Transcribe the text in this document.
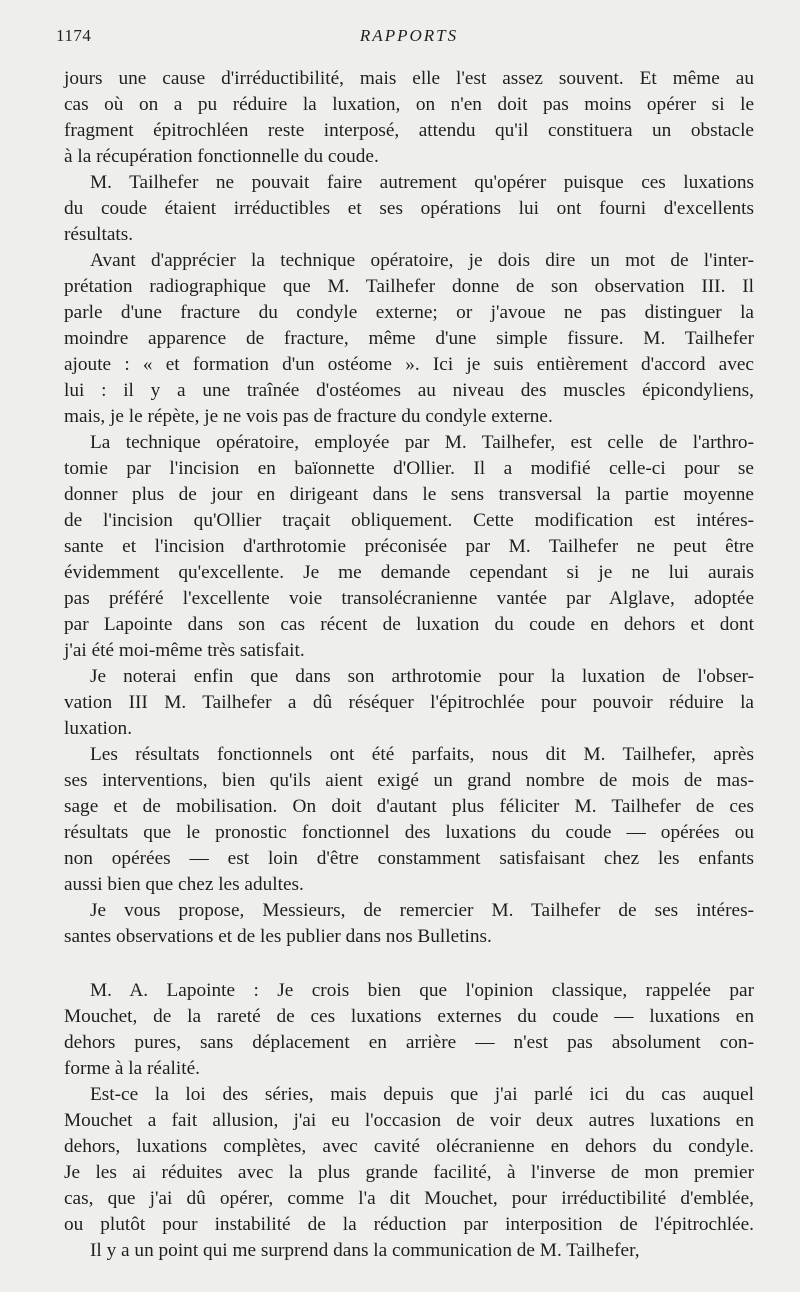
1174	RAPPORTS
jours une cause d'irréductibilité, mais elle l'est assez souvent. Et même au
cas où on a pu réduire la luxation, on n'en doit pas moins opérer si le
fragment épitrochléen reste interposé, attendu qu'il constituera un obstacle
à la récupération fonctionnelle du coude.
M. Tailhefer ne pouvait faire autrement qu'opérer puisque ces luxations
du coude étaient irréductibles et ses opérations lui ont fourni d'excellents
résultats.
Avant d'apprécier la technique opératoire, je dois dire un mot de l'inter-
prétation radiographique que M. Tailhefer donne de son observation III. Il
parle d'une fracture du condyle externe; or j'avoue ne pas distinguer la
moindre apparence de fracture, même d'une simple fissure. M. Tailhefer
ajoute : « et formation d'un ostéome ». Ici je suis entièrement d'accord avec
lui : il y a une traînée d'ostéomes au niveau des muscles épicondyliens,
mais, je le répète, je ne vois pas de fracture du condyle externe.
La technique opératoire, employée par M. Tailhefer, est celle de l'arthro-
tomie par l'incision en baïonnette d'Ollier. Il a modifié celle-ci pour se
donner plus de jour en dirigeant dans le sens transversal la partie moyenne
de l'incision qu'Ollier traçait obliquement. Cette modification est intéres-
sante et l'incision d'arthrotomie préconisée par M. Tailhefer ne peut être
évidemment qu'excellente. Je me demande cependant si je ne lui aurais
pas préféré l'excellente voie transolécranienne vantée par Alglave, adoptée
par Lapointe dans son cas récent de luxation du coude en dehors et dont
j'ai été moi-même très satisfait.
Je noterai enfin que dans son arthrotomie pour la luxation de l'obser-
vation III M. Tailhefer a dû réséquer l'épitrochlée pour pouvoir réduire la
luxation.
Les résultats fonctionnels ont été parfaits, nous dit M. Tailhefer, après
ses interventions, bien qu'ils aient exigé un grand nombre de mois de mas-
sage et de mobilisation. On doit d'autant plus féliciter M. Tailhefer de ces
résultats que le pronostic fonctionnel des luxations du coude — opérées ou
non opérées — est loin d'être constamment satisfaisant chez les enfants
aussi bien que chez les adultes.
Je vous propose, Messieurs, de remercier M. Tailhefer de ses intéres-
santes observations et de les publier dans nos Bulletins.
M. A. Lapointe : Je crois bien que l'opinion classique, rappelée par
Mouchet, de la rareté de ces luxations externes du coude — luxations en
dehors pures, sans déplacement en arrière — n'est pas absolument con-
forme à la réalité.
Est-ce la loi des séries, mais depuis que j'ai parlé ici du cas auquel
Mouchet a fait allusion, j'ai eu l'occasion de voir deux autres luxations en
dehors, luxations complètes, avec cavité olécranienne en dehors du condyle.
Je les ai réduites avec la plus grande facilité, à l'inverse de mon premier
cas, que j'ai dû opérer, comme l'a dit Mouchet, pour irréductibilité d'emblée,
ou plutôt pour instabilité de la réduction par interposition de l'épitrochlée.
Il y a un point qui me surprend dans la communication de M. Tailhefer,
